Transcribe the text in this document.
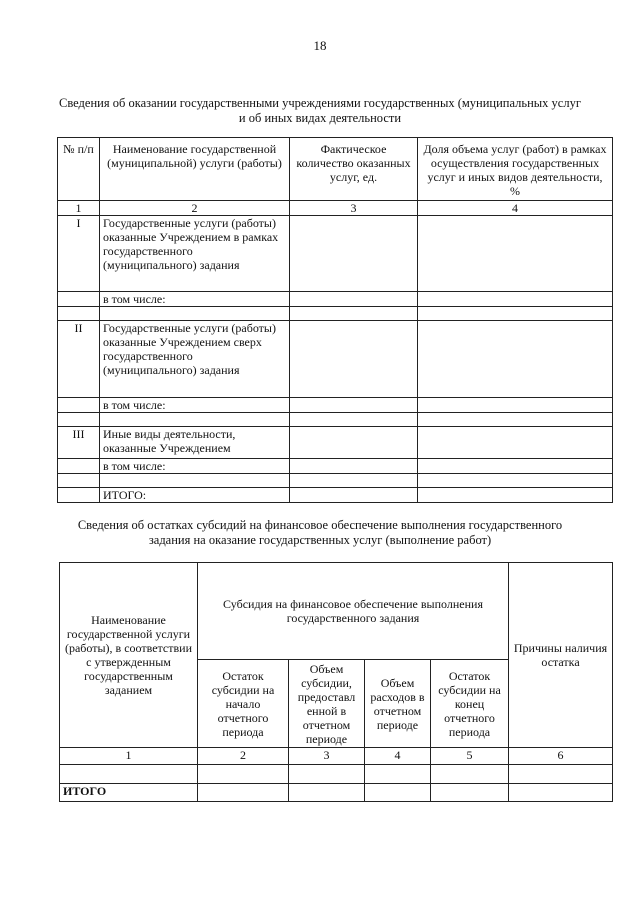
18
Сведения об оказании государственными учреждениями государственных (муниципальных услуг
и об иных видах деятельности
№ п/п	Наименование государственной (муниципальной) услуги (работы)	Фактическое количество оказанных услуг, ед.	Доля объема услуг (работ) в рамках осуществления государственных услуг и иных видов деятельности, %
1	2	3	4
I	Государственные услуги (работы) оказанные Учреждением в рамках государственного (муниципального) задания		
	в том числе:		

II	Государственные услуги (работы) оказанные Учреждением сверх государственного (муниципального) задания		
	в том числе:		

III	Иные виды деятельности, оказанные Учреждением		
	в том числе:		

	ИТОГО:		
Сведения об остатках субсидий на финансовое обеспечение выполнения государственного
задания на оказание государственных услуг (выполнение работ)
Наименование государственной услуги (работы), в соответствии с утвержденным государственным заданием	Субсидия на финансовое обеспечение выполнения государственного задания				Причины наличия остатка
	Остаток субсидии на начало отчетного периода	Объем субсидии, предоставл енной в отчетном периоде	Объем расходов в отчетном периоде	Остаток субсидии на конец отчетного периода	
1	2	3	4	5	6

ИТОГО					
